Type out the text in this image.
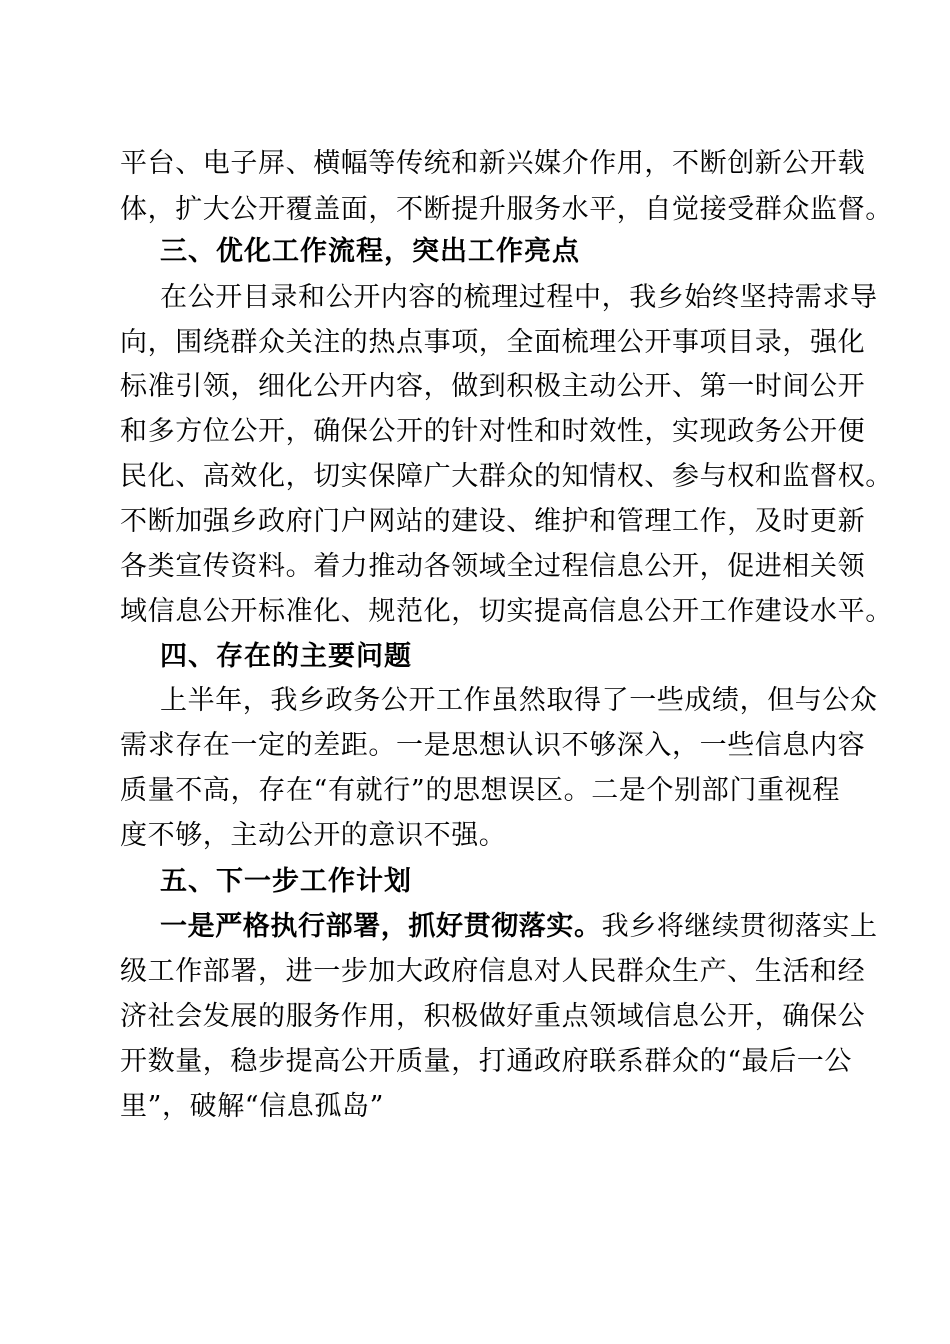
平台、电子屏、横幅等传统和新兴媒介作用，不断创新公开载
体，扩大公开覆盖面，不断提升服务水平，自觉接受群众监督。
三、优化工作流程，突出工作亮点
在公开目录和公开内容的梳理过程中，我乡始终坚持需求导
向，围绕群众关注的热点事项，全面梳理公开事项目录，强化
标准引领，细化公开内容，做到积极主动公开、第一时间公开
和多方位公开，确保公开的针对性和时效性，实现政务公开便
民化、高效化，切实保障广大群众的知情权、参与权和监督权。
不断加强乡政府门户网站的建设、维护和管理工作，及时更新
各类宣传资料。着力推动各领域全过程信息公开，促进相关领
域信息公开标准化、规范化，切实提高信息公开工作建设水平。
四、存在的主要问题
上半年，我乡政务公开工作虽然取得了一些成绩，但与公众
需求存在一定的差距。一是思想认识不够深入，一些信息内容
质量不高，存在“有就行”的思想误区。二是个别部门重视程
度不够，主动公开的意识不强。
五、下一步工作计划
一是严格执行部署，抓好贯彻落实。我乡将继续贯彻落实上
级工作部署，进一步加大政府信息对人民群众生产、生活和经
济社会发展的服务作用，积极做好重点领域信息公开，确保公
开数量，稳步提高公开质量，打通政府联系群众的“最后一公
里”，破解“信息孤岛”
